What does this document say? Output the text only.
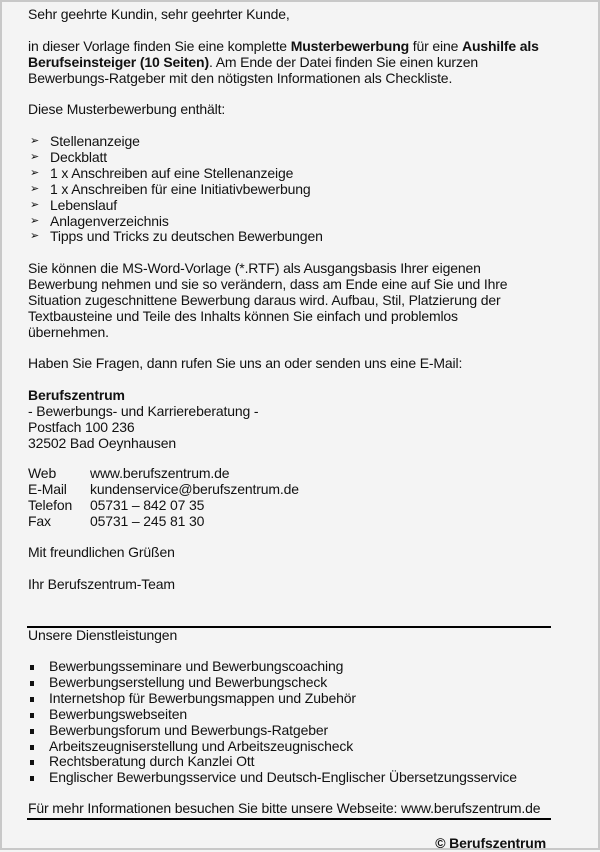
Sehr geehrte Kundin, sehr geehrter Kunde,
in dieser Vorlage finden Sie eine komplette Musterbewerbung für eine Aushilfe als
Berufseinsteiger (10 Seiten). Am Ende der Datei finden Sie einen kurzen
Bewerbungs-Ratgeber mit den nötigsten Informationen als Checkliste.
Diese Musterbewerbung enthält:
➢ Stellenanzeige
➢ Deckblatt
➢ 1 x Anschreiben auf eine Stellenanzeige
➢ 1 x Anschreiben für eine Initiativbewerbung
➢ Lebenslauf
➢ Anlagenverzeichnis
➢ Tipps und Tricks zu deutschen Bewerbungen
Sie können die MS-Word-Vorlage (*.RTF) als Ausgangsbasis Ihrer eigenen
Bewerbung nehmen und sie so verändern, dass am Ende eine auf Sie und Ihre
Situation zugeschnittene Bewerbung daraus wird. Aufbau, Stil, Platzierung der
Textbausteine und Teile des Inhalts können Sie einfach und problemlos
übernehmen.
Haben Sie Fragen, dann rufen Sie uns an oder senden uns eine E-Mail:
Berufszentrum
- Bewerbungs- und Karriereberatung -
Postfach 100 236
32502 Bad Oeynhausen
Web	www.berufszentrum.de
E-Mail	kundenservice@berufszentrum.de
Telefon	05731 – 842 07 35
Fax	05731 – 245 81 30
Mit freundlichen Grüßen
Ihr Berufszentrum-Team
Unsere Dienstleistungen
Bewerbungsseminare und Bewerbungscoaching
Bewerbungserstellung und Bewerbungscheck
Internetshop für Bewerbungsmappen und Zubehör
Bewerbungswebseiten
Bewerbungsforum und Bewerbungs-Ratgeber
Arbeitszeugniserstellung und Arbeitszeugnischeck
Rechtsberatung durch Kanzlei Ott
Englischer Bewerbungsservice und Deutsch-Englischer Übersetzungsservice
Für mehr Informationen besuchen Sie bitte unsere Webseite: www.berufszentrum.de
© Berufszentrum
